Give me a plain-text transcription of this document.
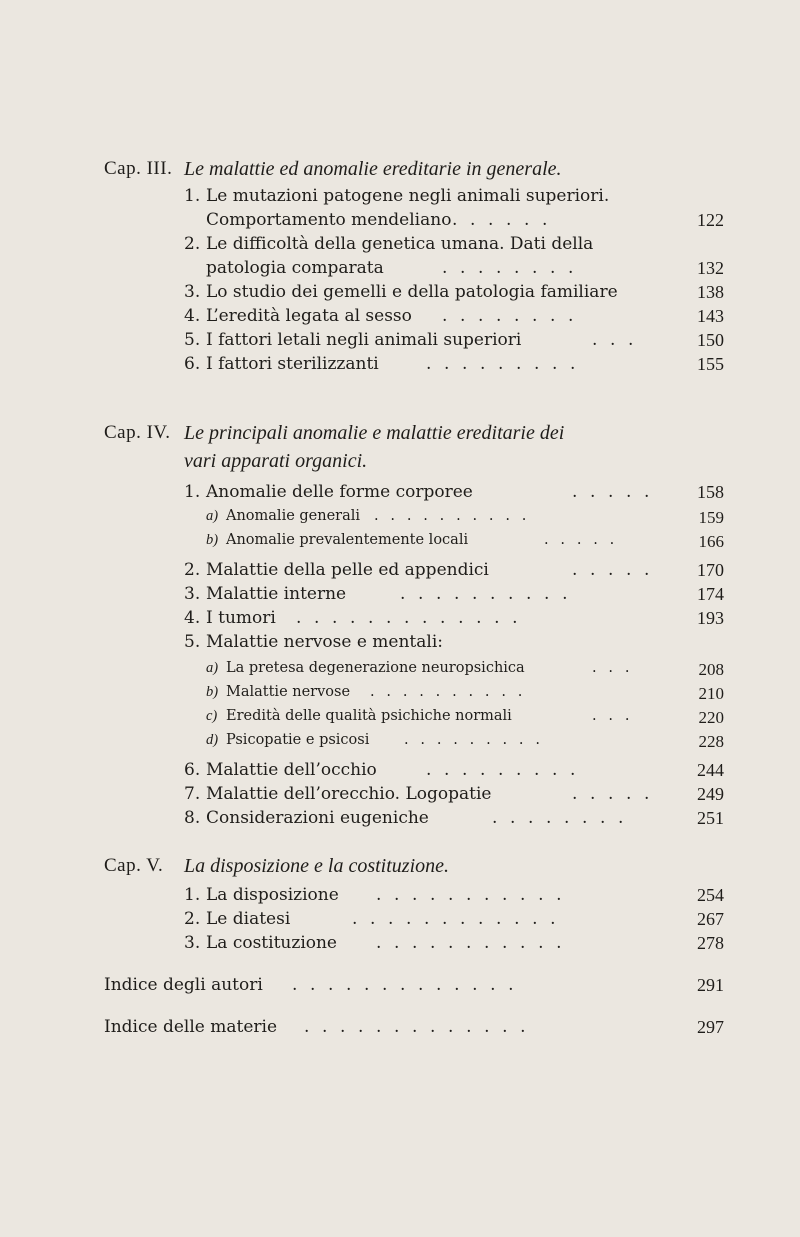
Cap. III. Le malattie ed anomalie ereditarie in generale.
1. Le mutazioni patogene negli animali superiori.
Comportamento mendeliano . . . . . .	122
2. Le difficoltà della genetica umana. Dati della
patologia comparata	. . . . . . . .	132
3. Lo studio dei gemelli e della patologia familiare	138
4. L’eredità legata al sesso . . . . . . . .	143
5. I fattori letali negli animali superiori	. . .	150
6. I fattori sterilizzanti	. . . . . . . . .	155
Cap. IV. Le principali anomalie e malattie ereditarie dei
vari apparati organici.
1. Anomalie delle forme corporee	. . . . .	158
a) Anomalie generali . . . . . . . . . .	159
b) Anomalie prevalentemente locali	. . . . .	166
2. Malattie della pelle ed appendici	. . . . .	170
3. Malattie interne	. . . . . . . . . .	174
4. I tumori . . . . . . . . . . . . .	193
5. Malattie nervose e mentali:
a) La pretesa degenerazione neuropsichica	. . .	208
b) Malattie nervose . . . . . . . . . .	210
c) Eredità delle qualità psichiche normali	. . .	220
d) Psicopatie e psicosi . . . . . . . . .	228
6. Malattie dell’occhio	. . . . . . . . .	244
7. Malattie dell’orecchio. Logopatie	. . . . .	249
8. Considerazioni eugeniche	. . . . . . . .	251
Cap. V. La disposizione e la costituzione.
1. La disposizione . . . . . . . . . . .	254
2. Le diatesi	. . . . . . . . . . . .	267
3. La costituzione . . . . . . . . . . .	278
Indice degli autori . . . . . . . . . . . . .	291
Indice delle materie . . . . . . . . . . . . .	297
